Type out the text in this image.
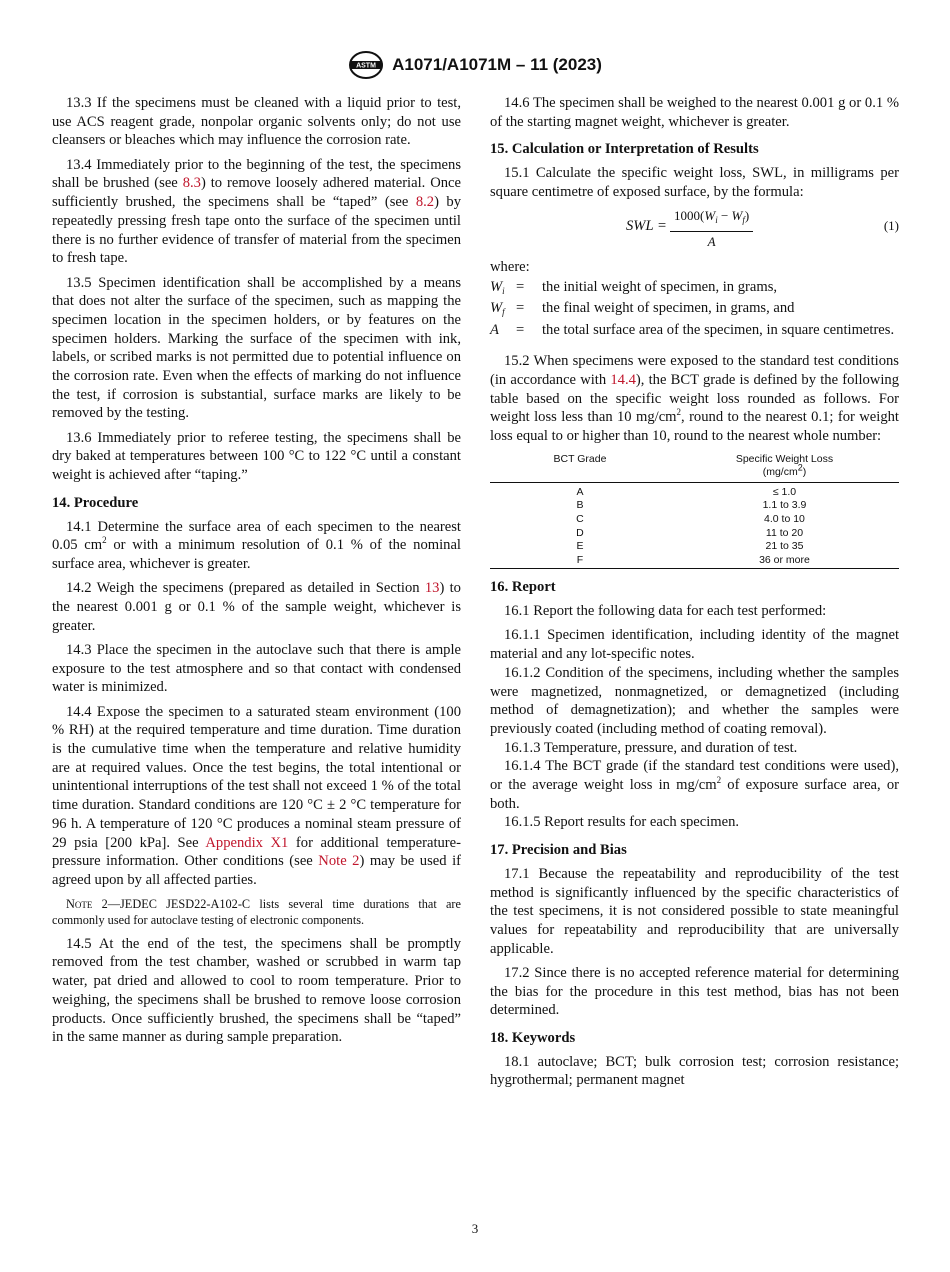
ASTM A1071/A1071M – 11 (2023)

13.3 If the specimens must be cleaned with a liquid prior to test, use ACS reagent grade, nonpolar organic solvents only; do not use cleansers or bleaches which may influence the corrosion rate.

13.4 Immediately prior to the beginning of the test, the specimens shall be brushed (see 8.3) to remove loosely adhered material. Once sufficiently brushed, the specimens shall be “taped” (see 8.2) by repeatedly pressing fresh tape onto the surface of the specimen until there is no further evidence of transfer of material from the specimen to fresh tape.

13.5 Specimen identification shall be accomplished by a means that does not alter the surface of the specimen, such as mapping the specimen location in the specimen holders, or by features on the specimen holders. Marking the surface of the specimen with ink, labels, or scribed marks is not permitted due to potential influence on the corrosion rate. Even when the effects of marking do not influence the test, if corrosion is substantial, surface marks are likely to be removed by the testing.

13.6 Immediately prior to referee testing, the specimens shall be dry baked at temperatures between 100 °C to 122 °C until a constant weight is achieved after “taping.”

14. Procedure

14.1 Determine the surface area of each specimen to the nearest 0.05 $cm^2$ or with a minimum resolution of 0.1 % of the nominal surface area, whichever is greater.

14.2 Weigh the specimens (prepared as detailed in Section 13) to the nearest 0.001 g or 0.1 % of the sample weight, whichever is greater.

14.3 Place the specimen in the autoclave such that there is ample exposure to the test atmosphere and so that contact with condensed water is minimized.

14.4 Expose the specimen to a saturated steam environment (100 % RH) at the required temperature and time duration. Time duration is the cumulative time when the temperature and relative humidity are at required values. Once the test begins, the total intentional or unintentional interruptions of the test shall not exceed 1 % of the total time duration. Standard conditions are 120 °C ± 2 °C temperature for 96 h. A temperature of 120 °C produces a nominal steam pressure of 29 psia [200 kPa]. See Appendix X1 for additional temperature-pressure information. Other conditions (see Note 2) may be used if agreed upon by all affected parties.

Note 2—JEDEC JESD22-A102-C lists several time durations that are commonly used for autoclave testing of electronic components.

14.5 At the end of the test, the specimens shall be promptly removed from the test chamber, washed or scrubbed in warm tap water, pat dried and allowed to cool to room temperature. Prior to weighing, the specimens shall be brushed to remove loose corrosion products. Once sufficiently brushed, the specimens shall be “taped” in the same manner as during sample preparation.

14.6 The specimen shall be weighed to the nearest 0.001 g or 0.1 % of the starting magnet weight, whichever is greater.

15. Calculation or Interpretation of Results

15.1 Calculate the specific weight loss, SWL, in milligrams per square centimetre of exposed surface, by the formula:

SWL = $\frac{1000(W_i - W_f)}{A}$	(1)

where:

$W_i$	=	the initial weight of specimen, in grams,
$W_f$	=	the final weight of specimen, in grams, and
A	=	the total surface area of the specimen, in square centimetres.

15.2 When specimens were exposed to the standard test conditions (in accordance with 14.4), the BCT grade is defined by the following table based on the specific weight loss rounded as follows. For weight loss less than 10 $mg/cm^2$, round to the nearest 0.1; for weight loss equal to or higher than 10, round to the nearest whole number:

BCT Grade	Specific Weight Loss
$(mg/cm^2)$
A	≤ 1.0
B	1.1 to 3.9
C	4.0 to 10
D	11 to 20
E	21 to 35
F	36 or more

16. Report

16.1 Report the following data for each test performed:

16.1.1 Specimen identification, including identity of the magnet material and any lot-specific notes.

16.1.2 Condition of the specimens, including whether the samples were magnetized, nonmagnetized, or demagnetized (including method of demagnetization); and whether the samples were previously coated (including method of coating removal).

16.1.3 Temperature, pressure, and duration of test.

16.1.4 The BCT grade (if the standard test conditions were used), or the average weight loss in $mg/cm^2$ of exposure surface area, or both.

16.1.5 Report results for each specimen.

17. Precision and Bias

17.1 Because the repeatability and reproducibility of the test method is significantly influenced by the specific characteristics of the test specimens, it is not considered possible to state meaningful values for repeatability and reproducibility that are universally applicable.

17.2 Since there is no accepted reference material for determining the bias for the procedure in this test method, bias has not been determined.

18. Keywords

18.1 autoclave; BCT; bulk corrosion test; corrosion resistance; hygrothermal; permanent magnet

3
